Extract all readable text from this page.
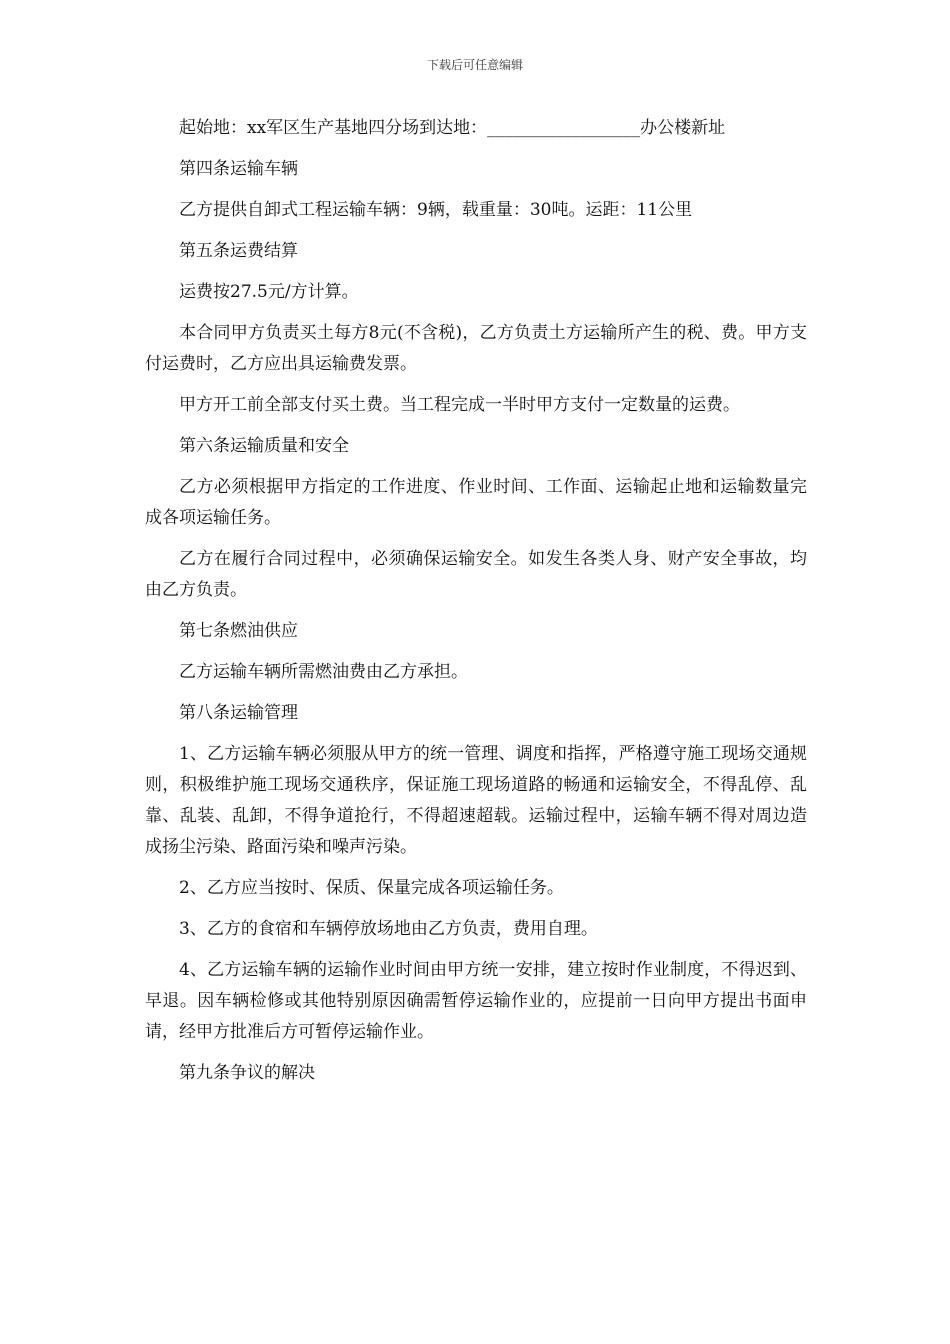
下载后可任意编辑

起始地：xx军区生产基地四分场到达地：__________________办公楼新址

第四条运输车辆

乙方提供自卸式工程运输车辆：9辆，载重量：30吨。运距：11公里

第五条运费结算

运费按27.5元/方计算。

本合同甲方负责买土每方8元(不含税)，乙方负责土方运输所产生的税、费。甲方支付运费时，乙方应出具运输费发票。

甲方开工前全部支付买土费。当工程完成一半时甲方支付一定数量的运费。

第六条运输质量和安全

乙方必须根据甲方指定的工作进度、作业时间、工作面、运输起止地和运输数量完成各项运输任务。

乙方在履行合同过程中，必须确保运输安全。如发生各类人身、财产安全事故，均由乙方负责。

第七条燃油供应

乙方运输车辆所需燃油费由乙方承担。

第八条运输管理

1、乙方运输车辆必须服从甲方的统一管理、调度和指挥，严格遵守施工现场交通规则，积极维护施工现场交通秩序，保证施工现场道路的畅通和运输安全，不得乱停、乱靠、乱装、乱卸，不得争道抢行，不得超速超载。运输过程中，运输车辆不得对周边造成扬尘污染、路面污染和噪声污染。

2、乙方应当按时、保质、保量完成各项运输任务。

3、乙方的食宿和车辆停放场地由乙方负责，费用自理。

4、乙方运输车辆的运输作业时间由甲方统一安排，建立按时作业制度，不得迟到、早退。因车辆检修或其他特别原因确需暂停运输作业的，应提前一日向甲方提出书面申请，经甲方批准后方可暂停运输作业。

第九条争议的解决
